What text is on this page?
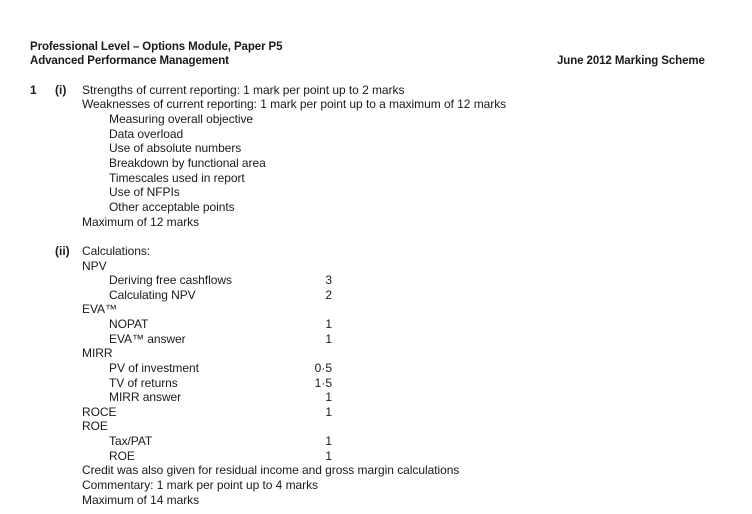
Professional Level – Options Module, Paper P5
Advanced Performance Management	June 2012 Marking Scheme
1 (i) Strengths of current reporting: 1 mark per point up to 2 marks
Weaknesses of current reporting: 1 mark per point up to a maximum of 12 marks
Measuring overall objective
Data overload
Use of absolute numbers
Breakdown by functional area
Timescales used in report
Use of NFPIs
Other acceptable points
Maximum of 12 marks
(ii) Calculations:
NPV
Deriving free cashflows	3
Calculating NPV	2
EVA™
NOPAT	1
EVA™ answer	1
MIRR
PV of investment	0·5
TV of returns	1·5
MIRR answer	1
ROCE	1
ROE
Tax/PAT	1
ROE	1
Credit was also given for residual income and gross margin calculations
Commentary: 1 mark per point up to 4 marks
Maximum of 14 marks
